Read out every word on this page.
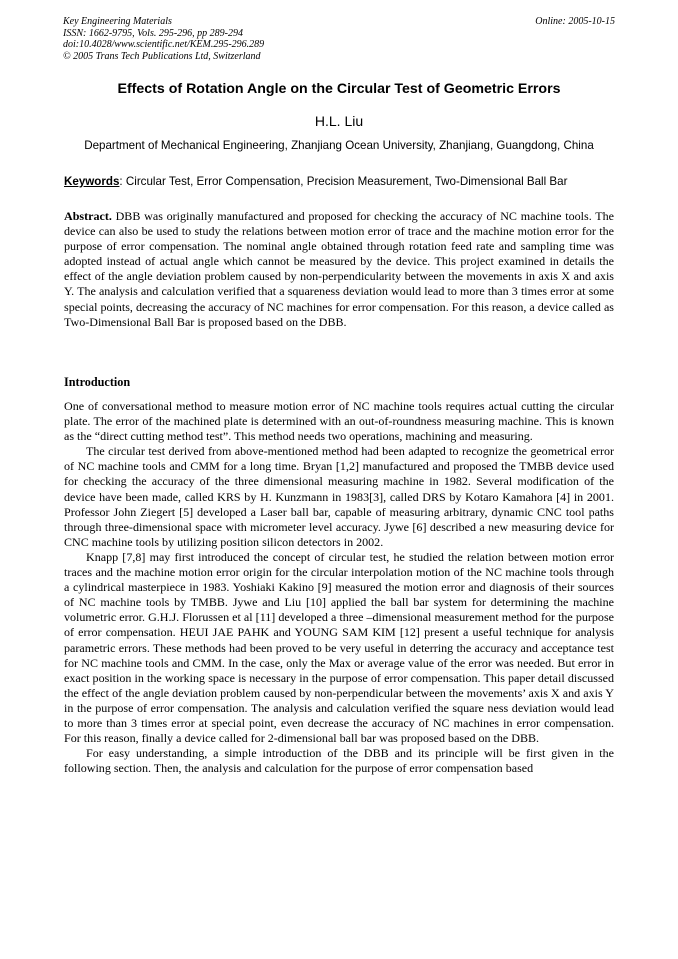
Key Engineering Materials
ISSN: 1662-9795, Vols. 295-296, pp 289-294
doi:10.4028/www.scientific.net/KEM.295-296.289
© 2005 Trans Tech Publications Ltd, Switzerland
Online: 2005-10-15
Effects of Rotation Angle on the Circular Test of Geometric Errors
H.L. Liu
Department of Mechanical Engineering, Zhanjiang Ocean University, Zhanjiang, Guangdong, China
Keywords: Circular Test, Error Compensation, Precision Measurement, Two-Dimensional Ball Bar
Abstract. DBB was originally manufactured and proposed for checking the accuracy of NC machine tools. The device can also be used to study the relations between motion error of trace and the machine motion error for the purpose of error compensation. The nominal angle obtained through rotation feed rate and sampling time was adopted instead of actual angle which cannot be measured by the device. This project examined in details the effect of the angle deviation problem caused by non-perpendicularity between the movements in axis X and axis Y. The analysis and calculation verified that a squareness deviation would lead to more than 3 times error at some special points, decreasing the accuracy of NC machines for error compensation. For this reason, a device called as Two-Dimensional Ball Bar is proposed based on the DBB.
Introduction

One of conversational method to measure motion error of NC machine tools requires actual cutting the circular plate. The error of the machined plate is determined with an out-of-roundness measuring machine. This is known as the “direct cutting method test”. This method needs two operations, machining and measuring.

The circular test derived from above-mentioned method had been adapted to recognize the geometrical error of NC machine tools and CMM for a long time. Bryan [1,2] manufactured and proposed the TMBB device used for checking the accuracy of the three dimensional measuring machine in 1982. Several modification of the device have been made, called KRS by H. Kunzmann in 1983[3], called DRS by Kotaro Kamahora [4] in 2001. Professor John Ziegert [5] developed a Laser ball bar, capable of measuring arbitrary, dynamic CNC tool paths through three-dimensional space with micrometer level accuracy. Jywe [6] described a new measuring device for CNC machine tools by utilizing position silicon detectors in 2002.

Knapp [7,8] may first introduced the concept of circular test, he studied the relation between motion error traces and the machine motion error origin for the circular interpolation motion of the NC machine tools through a cylindrical masterpiece in 1983. Yoshiaki Kakino [9] measured the motion error and diagnosis of their sources of NC machine tools by TMBB. Jywe and Liu [10] applied the ball bar system for determining the machine volumetric error. G.H.J. Florussen et al [11] developed a three –dimensional measurement method for the purpose of error compensation. HEUI JAE PAHK and YOUNG SAM KIM [12] present a useful technique for analysis parametric errors. These methods had been proved to be very useful in deterring the accuracy and acceptance test for NC machine tools and CMM. In the case, only the Max or average value of the error was needed. But error in exact position in the working space is necessary in the purpose of error compensation. This paper detail discussed the effect of the angle deviation problem caused by non-perpendicular between the movements’ axis X and axis Y in the purpose of error compensation. The analysis and calculation verified the square ness deviation would lead to more than 3 times error at special point, even decrease the accuracy of NC machines in error compensation. For this reason, finally a device called for 2-dimensional ball bar was proposed based on the DBB.

For easy understanding, a simple introduction of the DBB and its principle will be first given in the following section. Then, the analysis and calculation for the purpose of error compensation based
